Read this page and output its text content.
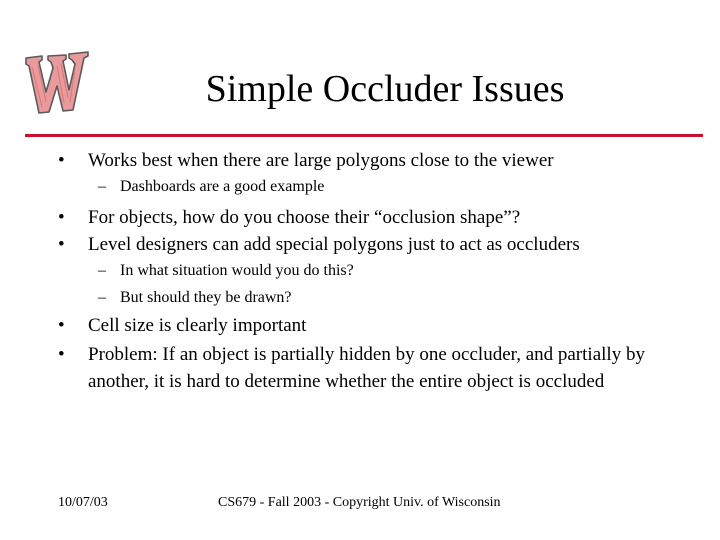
Simple Occluder Issues
• Works best when there are large polygons close to the viewer
– Dashboards are a good example
• For objects, how do you choose their “occlusion shape”?
• Level designers can add special polygons just to act as occluders
– In what situation would you do this?
– But should they be drawn?
• Cell size is clearly important
• Problem: If an object is partially hidden by one occluder, and partially by another, it is hard to determine whether the entire object is occluded
10/07/03	CS679 - Fall 2003 - Copyright Univ. of Wisconsin
